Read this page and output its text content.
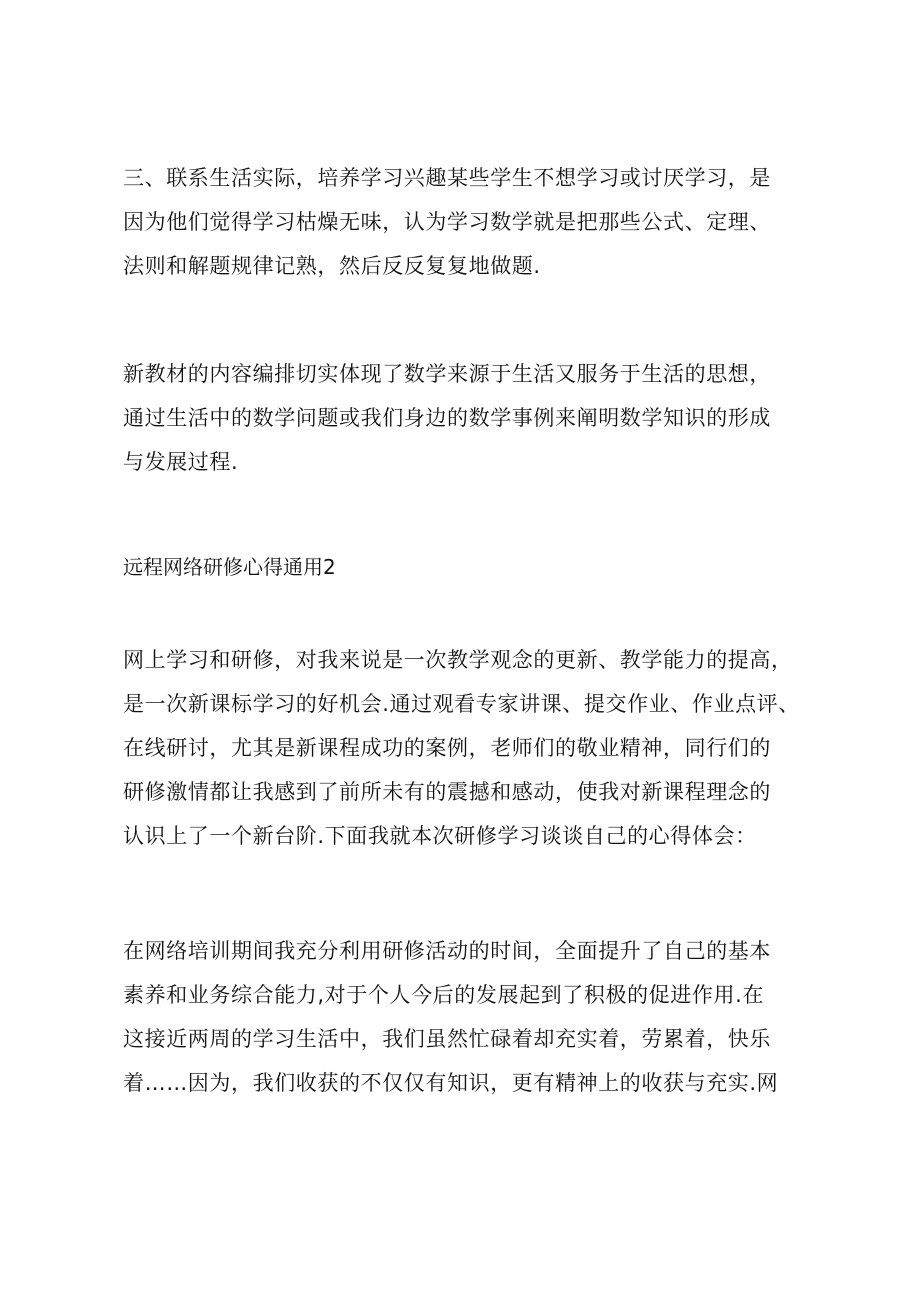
三、联系生活实际，培养学习兴趣某些学生不想学习或讨厌学习，是
因为他们觉得学习枯燥无味，认为学习数学就是把那些公式、定理、
法则和解题规律记熟，然后反反复复地做题.
新教材的内容编排切实体现了数学来源于生活又服务于生活的思想，
通过生活中的数学问题或我们身边的数学事例来阐明数学知识的形成
与发展过程.
远程网络研修心得通用2
网上学习和研修，对我来说是一次教学观念的更新、教学能力的提高，
是一次新课标学习的好机会.通过观看专家讲课、提交作业、作业点评、
在线研讨，尤其是新课程成功的案例，老师们的敬业精神，同行们的
研修激情都让我感到了前所未有的震撼和感动，使我对新课程理念的
认识上了一个新台阶.下面我就本次研修学习谈谈自己的心得体会：
在网络培训期间我充分利用研修活动的时间，全面提升了自己的基本
素养和业务综合能力,对于个人今后的发展起到了积极的促进作用.在
这接近两周的学习生活中，我们虽然忙碌着却充实着，劳累着，快乐
着……因为，我们收获的不仅仅有知识，更有精神上的收获与充实.网
